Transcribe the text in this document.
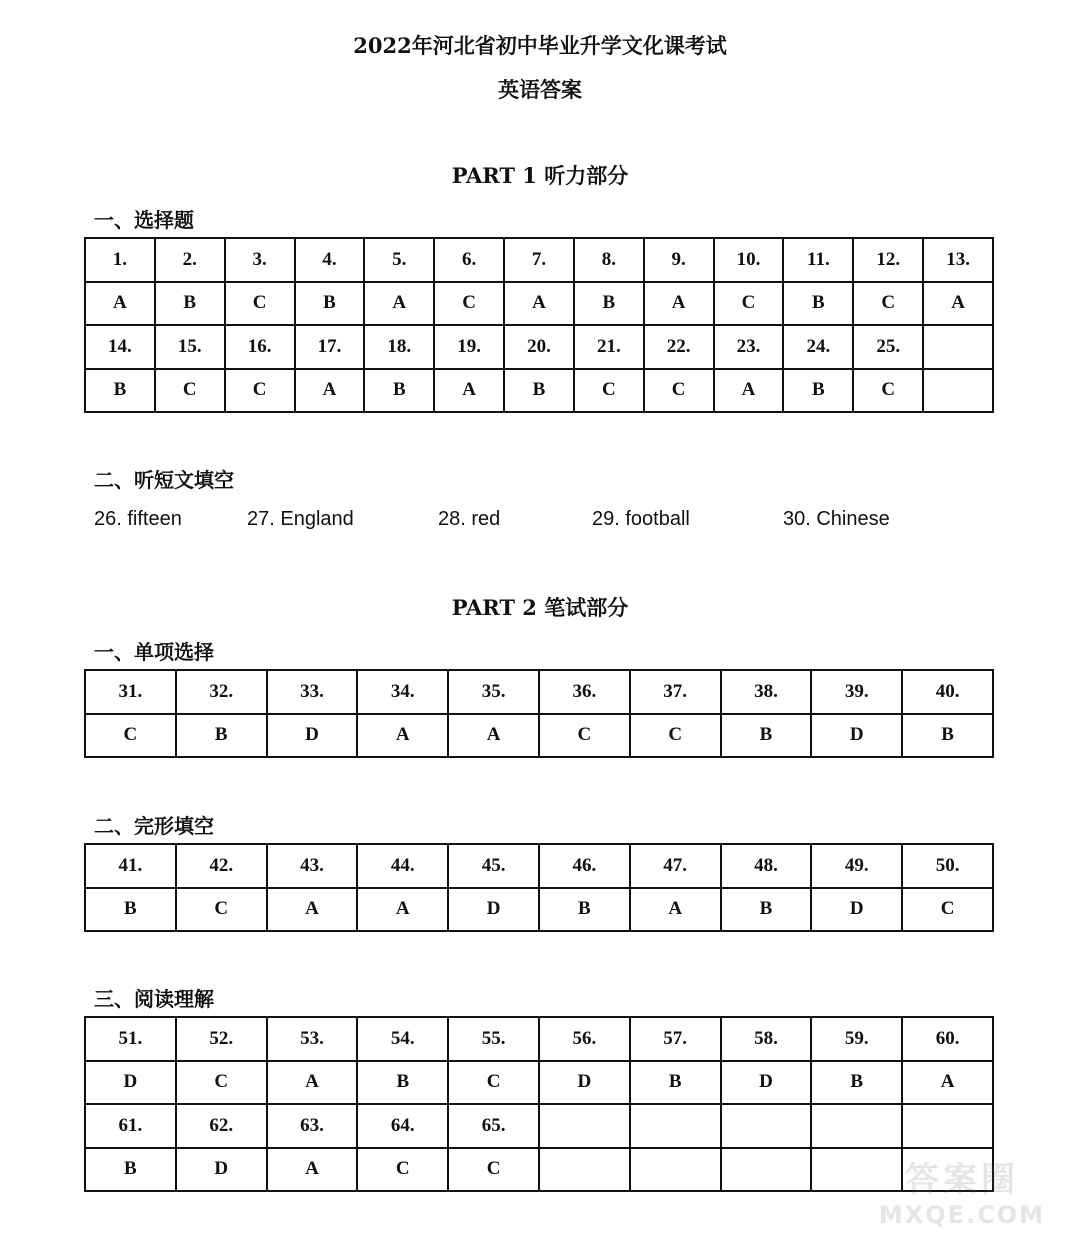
2022年河北省初中毕业升学文化课考试
英语答案
PART 1 听力部分
一、选择题
1.	2.	3.	4.	5.	6.	7.	8.	9.	10.	11.	12.	13.
A	B	C	B	A	C	A	B	A	C	B	C	A
14.	15.	16.	17.	18.	19.	20.	21.	22.	23.	24.	25.	
B	C	C	A	B	A	B	C	C	A	B	C	
二、听短文填空
26. fifteen	27. England	28. red	29. football	30. Chinese
PART 2 笔试部分
一、单项选择
31.	32.	33.	34.	35.	36.	37.	38.	39.	40.
C	B	D	A	A	C	C	B	D	B
二、完形填空
41.	42.	43.	44.	45.	46.	47.	48.	49.	50.
B	C	A	A	D	B	A	B	D	C
三、阅读理解
51.	52.	53.	54.	55.	56.	57.	58.	59.	60.
D	C	A	B	C	D	B	D	B	A
61.	62.	63.	64.	65.					
B	D	A	C	C						答案圈
MXQE.COM
